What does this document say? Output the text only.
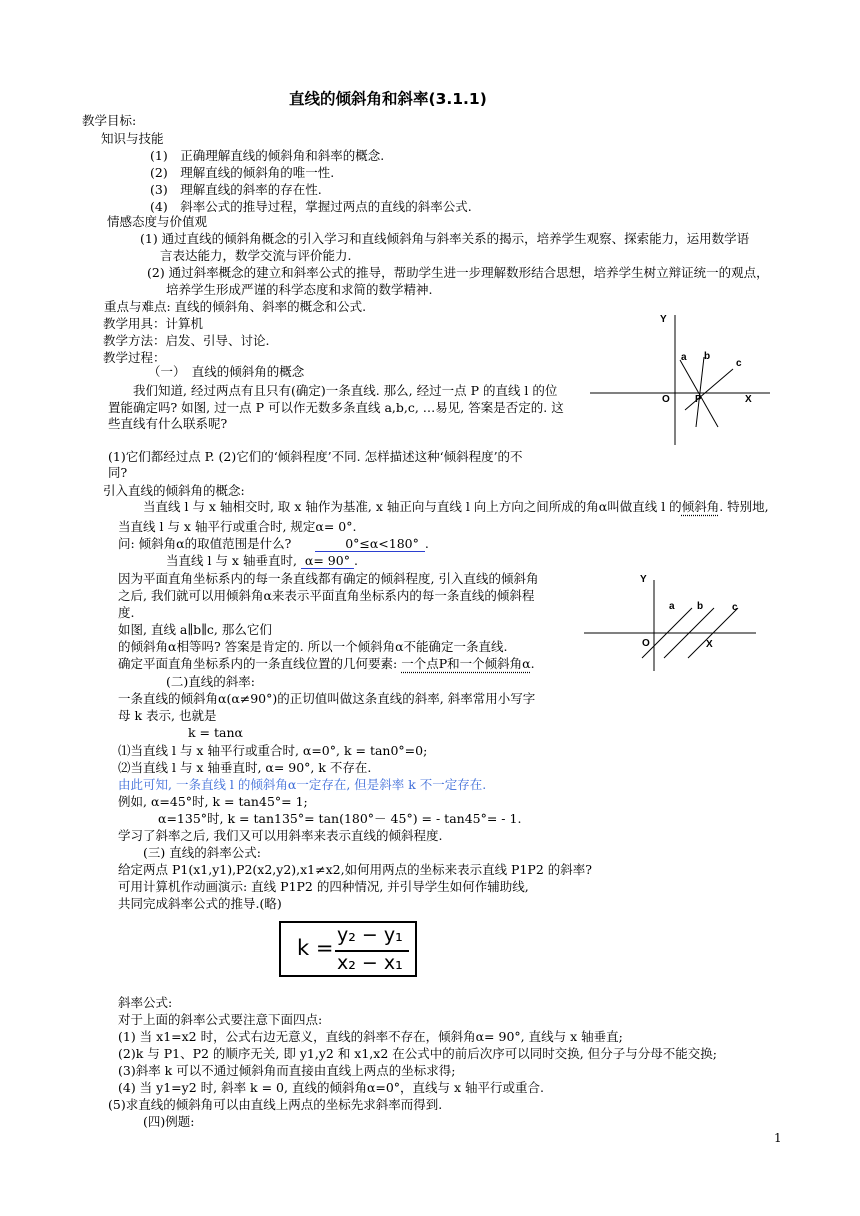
直线的倾斜角和斜率(3.1.1)
教学目标:
知识与技能
(1)　正确理解直线的倾斜角和斜率的概念.
(2)　理解直线的倾斜角的唯一性.
(3)　理解直线的斜率的存在性.
(4)　斜率公式的推导过程，掌握过两点的直线的斜率公式.
情感态度与价值观
(1) 通过直线的倾斜角概念的引入学习和直线倾斜角与斜率关系的揭示，培养学生观察、探索能力，运用数学语
言表达能力，数学交流与评价能力.
(2) 通过斜率概念的建立和斜率公式的推导，帮助学生进一步理解数形结合思想，培养学生树立辩证统一的观点，
培养学生形成严谨的科学态度和求简的数学精神.
重点与难点: 直线的倾斜角、斜率的概念和公式.
教学用具：计算机
教学方法：启发、引导、讨论.
教学过程：
（一）　直线的倾斜角的概念
我们知道, 经过两点有且只有(确定)一条直线. 那么, 经过一点 P 的直线 l 的位
置能确定吗? 如图, 过一点 P 可以作无数多条直线 a,b,c, …易见, 答案是否定的. 这
些直线有什么联系呢?
(1)它们都经过点 P. (2)它们的‘倾斜程度’不同. 怎样描述这种‘倾斜程度’的不
同?
引入直线的倾斜角的概念:
当直线 l 与 x 轴相交时, 取 x 轴作为基准, x 轴正向与直线 l 向上方向之间所成的角α叫做直线 l 的倾斜角. 特别地,
当直线 l 与 x 轴平行或重合时, 规定α= 0°.
问: 倾斜角α的取值范围是什么?	0°≤α<180° .
当直线 l 与 x 轴垂直时, α= 90° .
因为平面直角坐标系内的每一条直线都有确定的倾斜程度, 引入直线的倾斜角
之后, 我们就可以用倾斜角α来表示平面直角坐标系内的每一条直线的倾斜程
度.
如图, 直线 a∥b∥c, 那么它们
的倾斜角α相等吗? 答案是肯定的. 所以一个倾斜角α不能确定一条直线.
确定平面直角坐标系内的一条直线位置的几何要素: 一个点P和一个倾斜角α.
(二)直线的斜率:
一条直线的倾斜角α(α≠90°)的正切值叫做这条直线的斜率, 斜率常用小写字
母 k 表示, 也就是
k = tanα
⑴当直线 l 与 x 轴平行或重合时, α=0°, k = tan0°=0;
⑵当直线 l 与 x 轴垂直时, α= 90°, k 不存在.
由此可知, 一条直线 l 的倾斜角α一定存在, 但是斜率 k 不一定存在.
例如, α=45°时, k = tan45°= 1;
α=135°时, k = tan135°= tan(180°－ 45°) = - tan45°= - 1.
学习了斜率之后, 我们又可以用斜率来表示直线的倾斜程度.
(三) 直线的斜率公式:
给定两点 P1(x1,y1),P2(x2,y2),x1≠x2,如何用两点的坐标来表示直线 P1P2 的斜率?
可用计算机作动画演示: 直线 P1P2 的四种情况, 并引导学生如何作辅助线,
共同完成斜率公式的推导.(略)
k =
y₂ − y₁
x₂ − x₁
斜率公式:
对于上面的斜率公式要注意下面四点:
(1) 当 x1=x2 时，公式右边无意义，直线的斜率不存在，倾斜角α= 90°, 直线与 x 轴垂直;
(2)k 与 P1、P2 的顺序无关, 即 y1,y2 和 x1,x2 在公式中的前后次序可以同时交换, 但分子与分母不能交换;
(3)斜率 k 可以不通过倾斜角而直接由直线上两点的坐标求得;
(4) 当 y1=y2 时, 斜率 k = 0, 直线的倾斜角α=0°，直线与 x 轴平行或重合.
(5)求直线的倾斜角可以由直线上两点的坐标先求斜率而得到.
(四)例题:
1
Y
a b
c
O	P	X
Y
a b	c
O	X
